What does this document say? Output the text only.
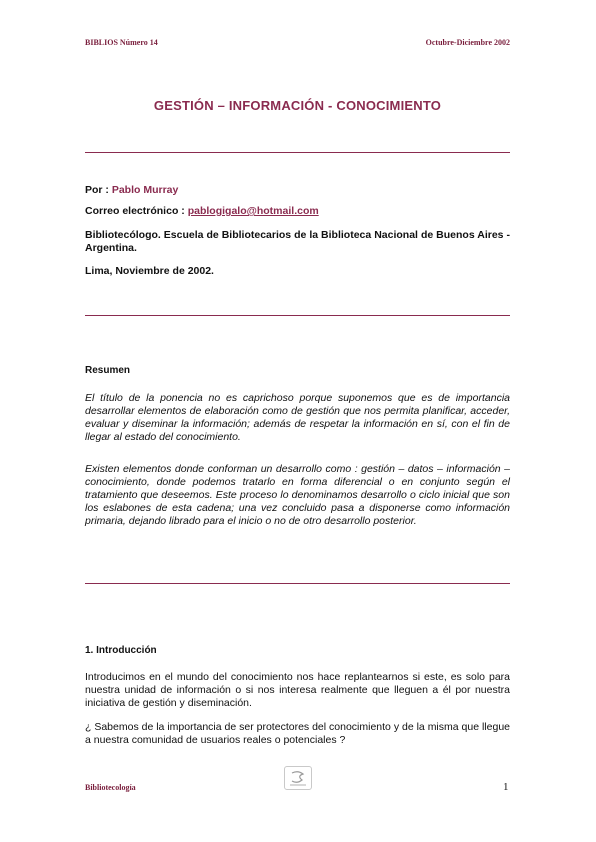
BIBLIOS Número 14	Octubre-Diciembre 2002
GESTIÓN – INFORMACIÓN - CONOCIMIENTO
Por : Pablo Murray
Correo electrónico : pablogigalo@hotmail.com
Bibliotecólogo. Escuela de Bibliotecarios de la Biblioteca Nacional de Buenos Aires - Argentina.
Lima, Noviembre de 2002.
Resumen
El título de la ponencia no es caprichoso porque suponemos que es de importancia desarrollar elementos de elaboración como de gestión que nos permita planificar, acceder, evaluar y diseminar la información; además de respetar la información en sí, con el fin de llegar al estado del conocimiento.
Existen elementos donde conforman un desarrollo como : gestión – datos – información – conocimiento, donde podemos tratarlo en forma diferencial o en conjunto según el tratamiento que deseemos. Este proceso lo denominamos desarrollo o ciclo inicial que son los eslabones de esta cadena; una vez concluido pasa a disponerse como información primaria, dejando librado para el inicio o no de otro desarrollo posterior.
1. Introducción
Introducimos en el mundo del conocimiento nos hace replantearnos si este, es solo para nuestra unidad de información o si nos interesa realmente que lleguen a él por nuestra iniciativa de gestión y diseminación.
¿ Sabemos de la importancia de ser protectores del conocimiento y de la misma que llegue a nuestra comunidad de usuarios reales o potenciales ?
Bibliotecología	1
